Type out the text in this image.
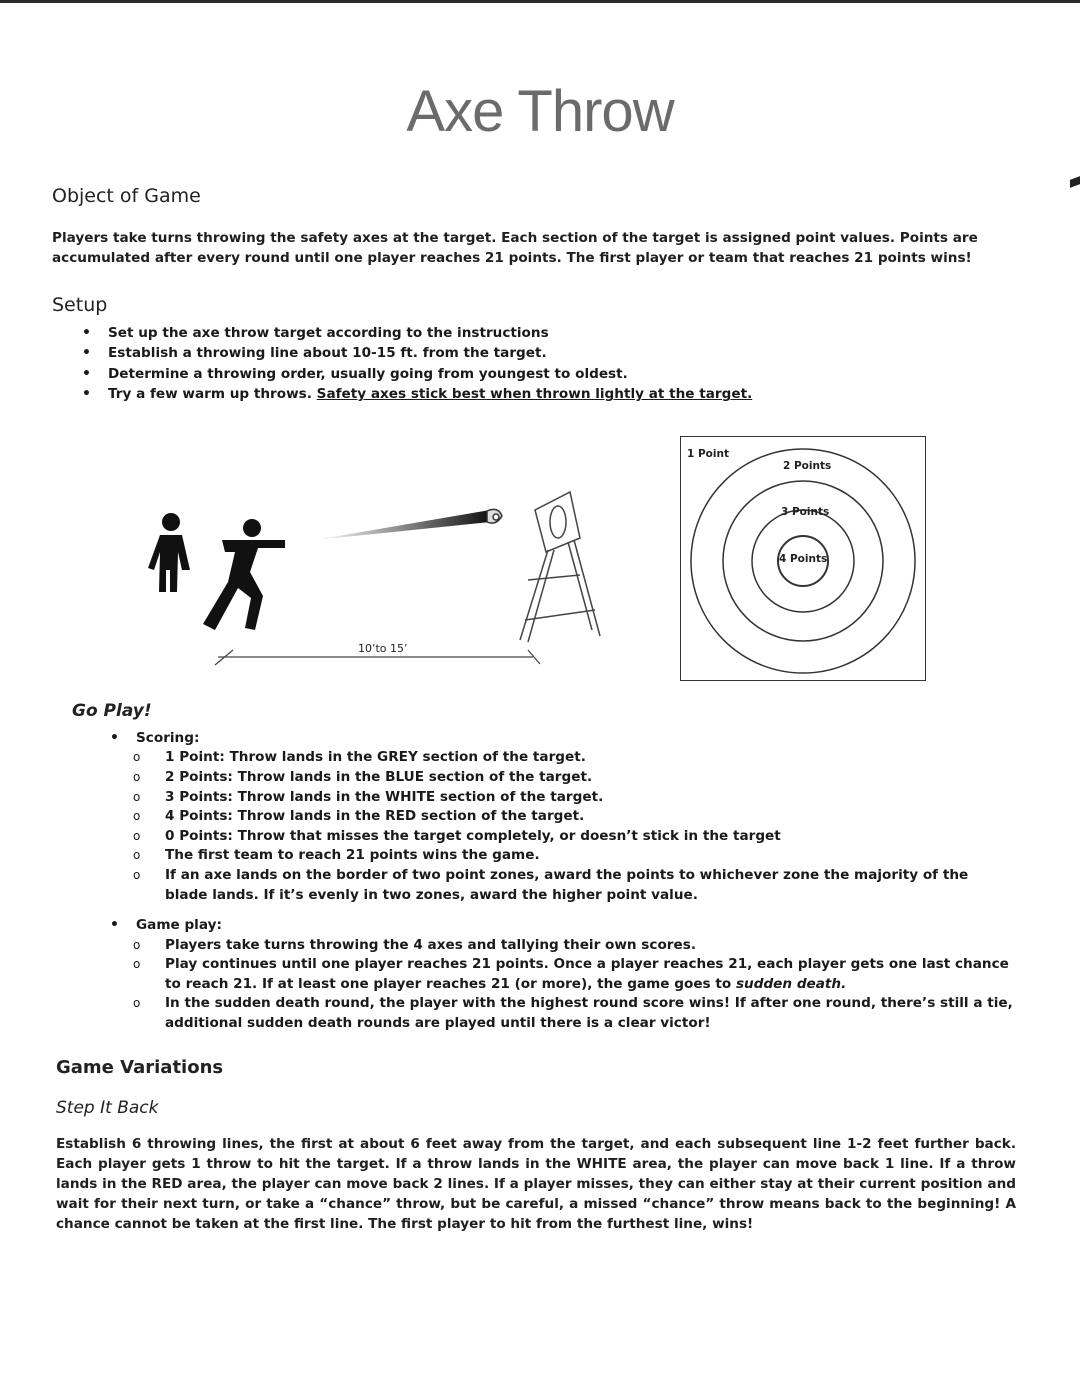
Axe Throw
Object of Game
Players take turns throwing the safety axes at the target. Each section of the target is assigned point values. Points are accumulated after every round until one player reaches 21 points. The first player or team that reaches 21 points wins!
Setup
• Set up the axe throw target according to the instructions
• Establish a throwing line about 10-15 ft. from the target.
• Determine a throwing order, usually going from youngest to oldest.
• Try a few warm up throws. Safety axes stick best when thrown lightly at the target.
10’to 15’
1 Point
2 Points
3 Points
4 Points
Go Play!
• Scoring:
o 1 Point: Throw lands in the GREY section of the target.
o 2 Points: Throw lands in the BLUE section of the target.
o 3 Points: Throw lands in the WHITE section of the target.
o 4 Points: Throw lands in the RED section of the target.
o 0 Points: Throw that misses the target completely, or doesn’t stick in the target
o The first team to reach 21 points wins the game.
o If an axe lands on the border of two point zones, award the points to whichever zone the majority of the blade lands. If it’s evenly in two zones, award the higher point value.
• Game play:
o Players take turns throwing the 4 axes and tallying their own scores.
o Play continues until one player reaches 21 points. Once a player reaches 21, each player gets one last chance to reach 21. If at least one player reaches 21 (or more), the game goes to sudden death.
o In the sudden death round, the player with the highest round score wins! If after one round, there’s still a tie, additional sudden death rounds are played until there is a clear victor!
Game Variations
Step It Back
Establish 6 throwing lines, the first at about 6 feet away from the target, and each subsequent line 1-2 feet further back. Each player gets 1 throw to hit the target. If a throw lands in the WHITE area, the player can move back 1 line. If a throw lands in the RED area, the player can move back 2 lines. If a player misses, they can either stay at their current position and wait for their next turn, or take a “chance” throw, but be careful, a missed “chance” throw means back to the beginning! A chance cannot be taken at the first line. The first player to hit from the furthest line, wins!
